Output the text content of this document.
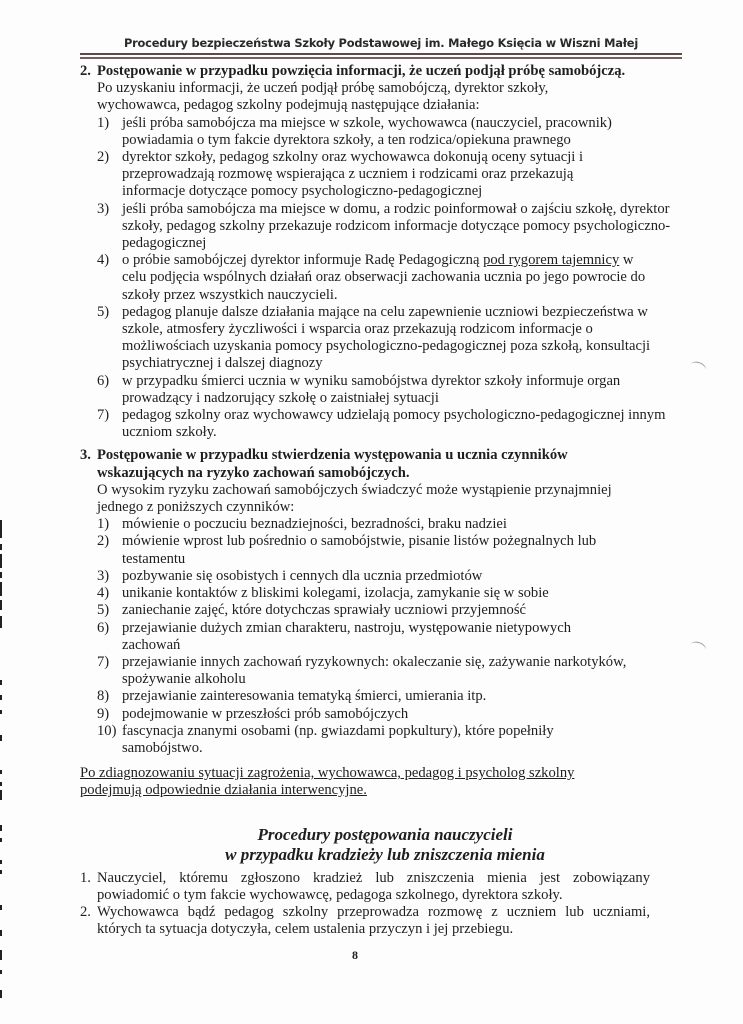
Procedury bezpieczeństwa Szkoły Podstawowej im. Małego Księcia w Wiszni Małej
2. Postępowanie w przypadku powzięcia informacji, że uczeń podjął próbę samobójczą.
Po uzyskaniu informacji, że uczeń podjął próbę samobójczą, dyrektor szkoły, wychowawca, pedagog szkolny podejmują następujące działania:
1) jeśli próba samobójcza ma miejsce w szkole, wychowawca (nauczyciel, pracownik) powiadamia o tym fakcie dyrektora szkoły, a ten rodzica/opiekuna prawnego
2) dyrektor szkoły, pedagog szkolny oraz wychowawca dokonują oceny sytuacji i przeprowadzają rozmowę wspierająca z uczniem i rodzicami oraz przekazują informacje dotyczące pomocy psychologiczno-pedagogicznej
3) jeśli próba samobójcza ma miejsce w domu, a rodzic poinformował o zajściu szkołę, dyrektor szkoły, pedagog szkolny przekazuje rodzicom informacje dotyczące pomocy psychologiczno-pedagogicznej
4) o próbie samobójczej dyrektor informuje Radę Pedagogiczną pod rygorem tajemnicy w celu podjęcia wspólnych działań oraz obserwacji zachowania ucznia po jego powrocie do szkoły przez wszystkich nauczycieli.
5) pedagog planuje dalsze działania mające na celu zapewnienie uczniowi bezpieczeństwa w szkole, atmosfery życzliwości i wsparcia oraz przekazują rodzicom informacje o możliwościach uzyskania pomocy psychologiczno-pedagogicznej poza szkołą, konsultacji psychiatrycznej i dalszej diagnozy
6) w przypadku śmierci ucznia w wyniku samobójstwa dyrektor szkoły informuje organ prowadzący i nadzorujący szkołę o zaistniałej sytuacji
7) pedagog szkolny oraz wychowawcy udzielają pomocy psychologiczno-pedagogicznej innym uczniom szkoły.
3. Postępowanie w przypadku stwierdzenia występowania u ucznia czynników wskazujących na ryzyko zachowań samobójczych.
O wysokim ryzyku zachowań samobójczych świadczyć może wystąpienie przynajmniej jednego z poniższych czynników:
1) mówienie o poczuciu beznadziejności, bezradności, braku nadziei
2) mówienie wprost lub pośrednio o samobójstwie, pisanie listów pożegnalnych lub testamentu
3) pozbywanie się osobistych i cennych dla ucznia przedmiotów
4) unikanie kontaktów z bliskimi kolegami, izolacja, zamykanie się w sobie
5) zaniechanie zajęć, które dotychczas sprawiały uczniowi przyjemność
6) przejawianie dużych zmian charakteru, nastroju, występowanie nietypowych zachowań
7) przejawianie innych zachowań ryzykownych: okaleczanie się, zażywanie narkotyków, spożywanie alkoholu
8) przejawianie zainteresowania tematyką śmierci, umierania itp.
9) podejmowanie w przeszłości prób samobójczych
10) fascynacja znanymi osobami (np. gwiazdami popkultury), które popełniły samobójstwo.
Po zdiagnozowaniu sytuacji zagrożenia, wychowawca, pedagog i psycholog szkolny podejmują odpowiednie działania interwencyjne.
Procedury postępowania nauczycieli
w przypadku kradzieży lub zniszczenia mienia
1. Nauczyciel, któremu zgłoszono kradzież lub zniszczenia mienia jest zobowiązany powiadomić o tym fakcie wychowawcę, pedagoga szkolnego, dyrektora szkoły.
2. Wychowawca bądź pedagog szkolny przeprowadza rozmowę z uczniem lub uczniami, których ta sytuacja dotyczyła, celem ustalenia przyczyn i jej przebiegu.
8
